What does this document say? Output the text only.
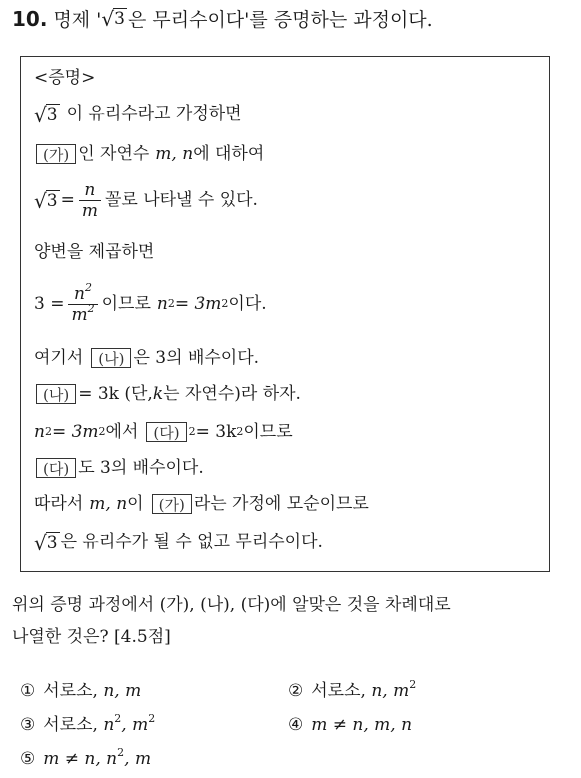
10. 명제 ' √ 3 은 무리수이다'를 증명하는 과정이다.
<증명>
√ 3 이 유리수라고 가정하면
(가) 인 자연수 m, n 에 대하여
√ $3 = \frac{n}{m}$ 꼴로 나타낼 수 있다.
양변을 제곱하면
$3 = \frac{n^2}{m^2}$ 이므로 n 2 = 3m 2 이다.
여기서	(나) 은 3의 배수이다.
(나) = 3k (단, k 는 자연수)라 하자.
n 2 = 3m 2 에서	(다) 2 = 3k 2 이므로
(다) 도 3의 배수이다.
따라서 m, n 이	(가) 라는 가정에 모순이므로
√ 3 은 유리수가 될 수 없고 무리수이다.
위의 증명 과정에서 (가), (나), (다)에 알맞은 것을 차례대로
나열한 것은? [4.5점]
① 서로소, n, m	② 서로소, n, $m^2$
③ 서로소, $n^2$, $m^2$	④ m ≠ n, m, n
⑤ m ≠ n, $n^2$, m
